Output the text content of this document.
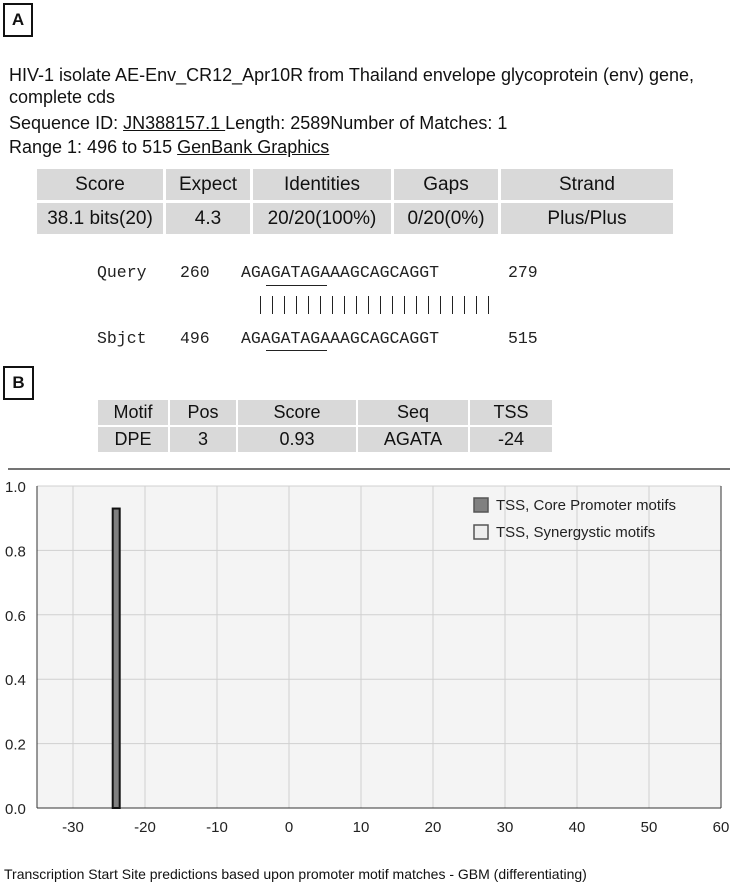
A
HIV-1 isolate AE-Env_CR12_Apr10R from Thailand envelope glycoprotein (env) gene, complete cds
Sequence ID: JN388157.1 Length: 2589Number of Matches: 1
Range 1: 496 to 515 GenBank Graphics
Score	Expect	Identities	Gaps	Strand
38.1 bits(20)	4.3	20/20(100%)	0/20(0%)	Plus/Plus

Query

260

AGAGATAGAAAGCAGCAGGT

	279

Sbjct

496

AGAGATAGAAAGCAGCAGGT

	515

B
Motif	Pos	Score	Seq	TSS
DPE	3	0.93	AGATA	-24
0.0
0.2
0.4
0.6
0.8
1.0
-30	-20	-10	0	10	20	30	40	50	60
TSS, Core Promoter motifs
TSS, Synergystic motifs
Transcription Start Site predictions based upon promoter motif matches - GBM (differentiating)
